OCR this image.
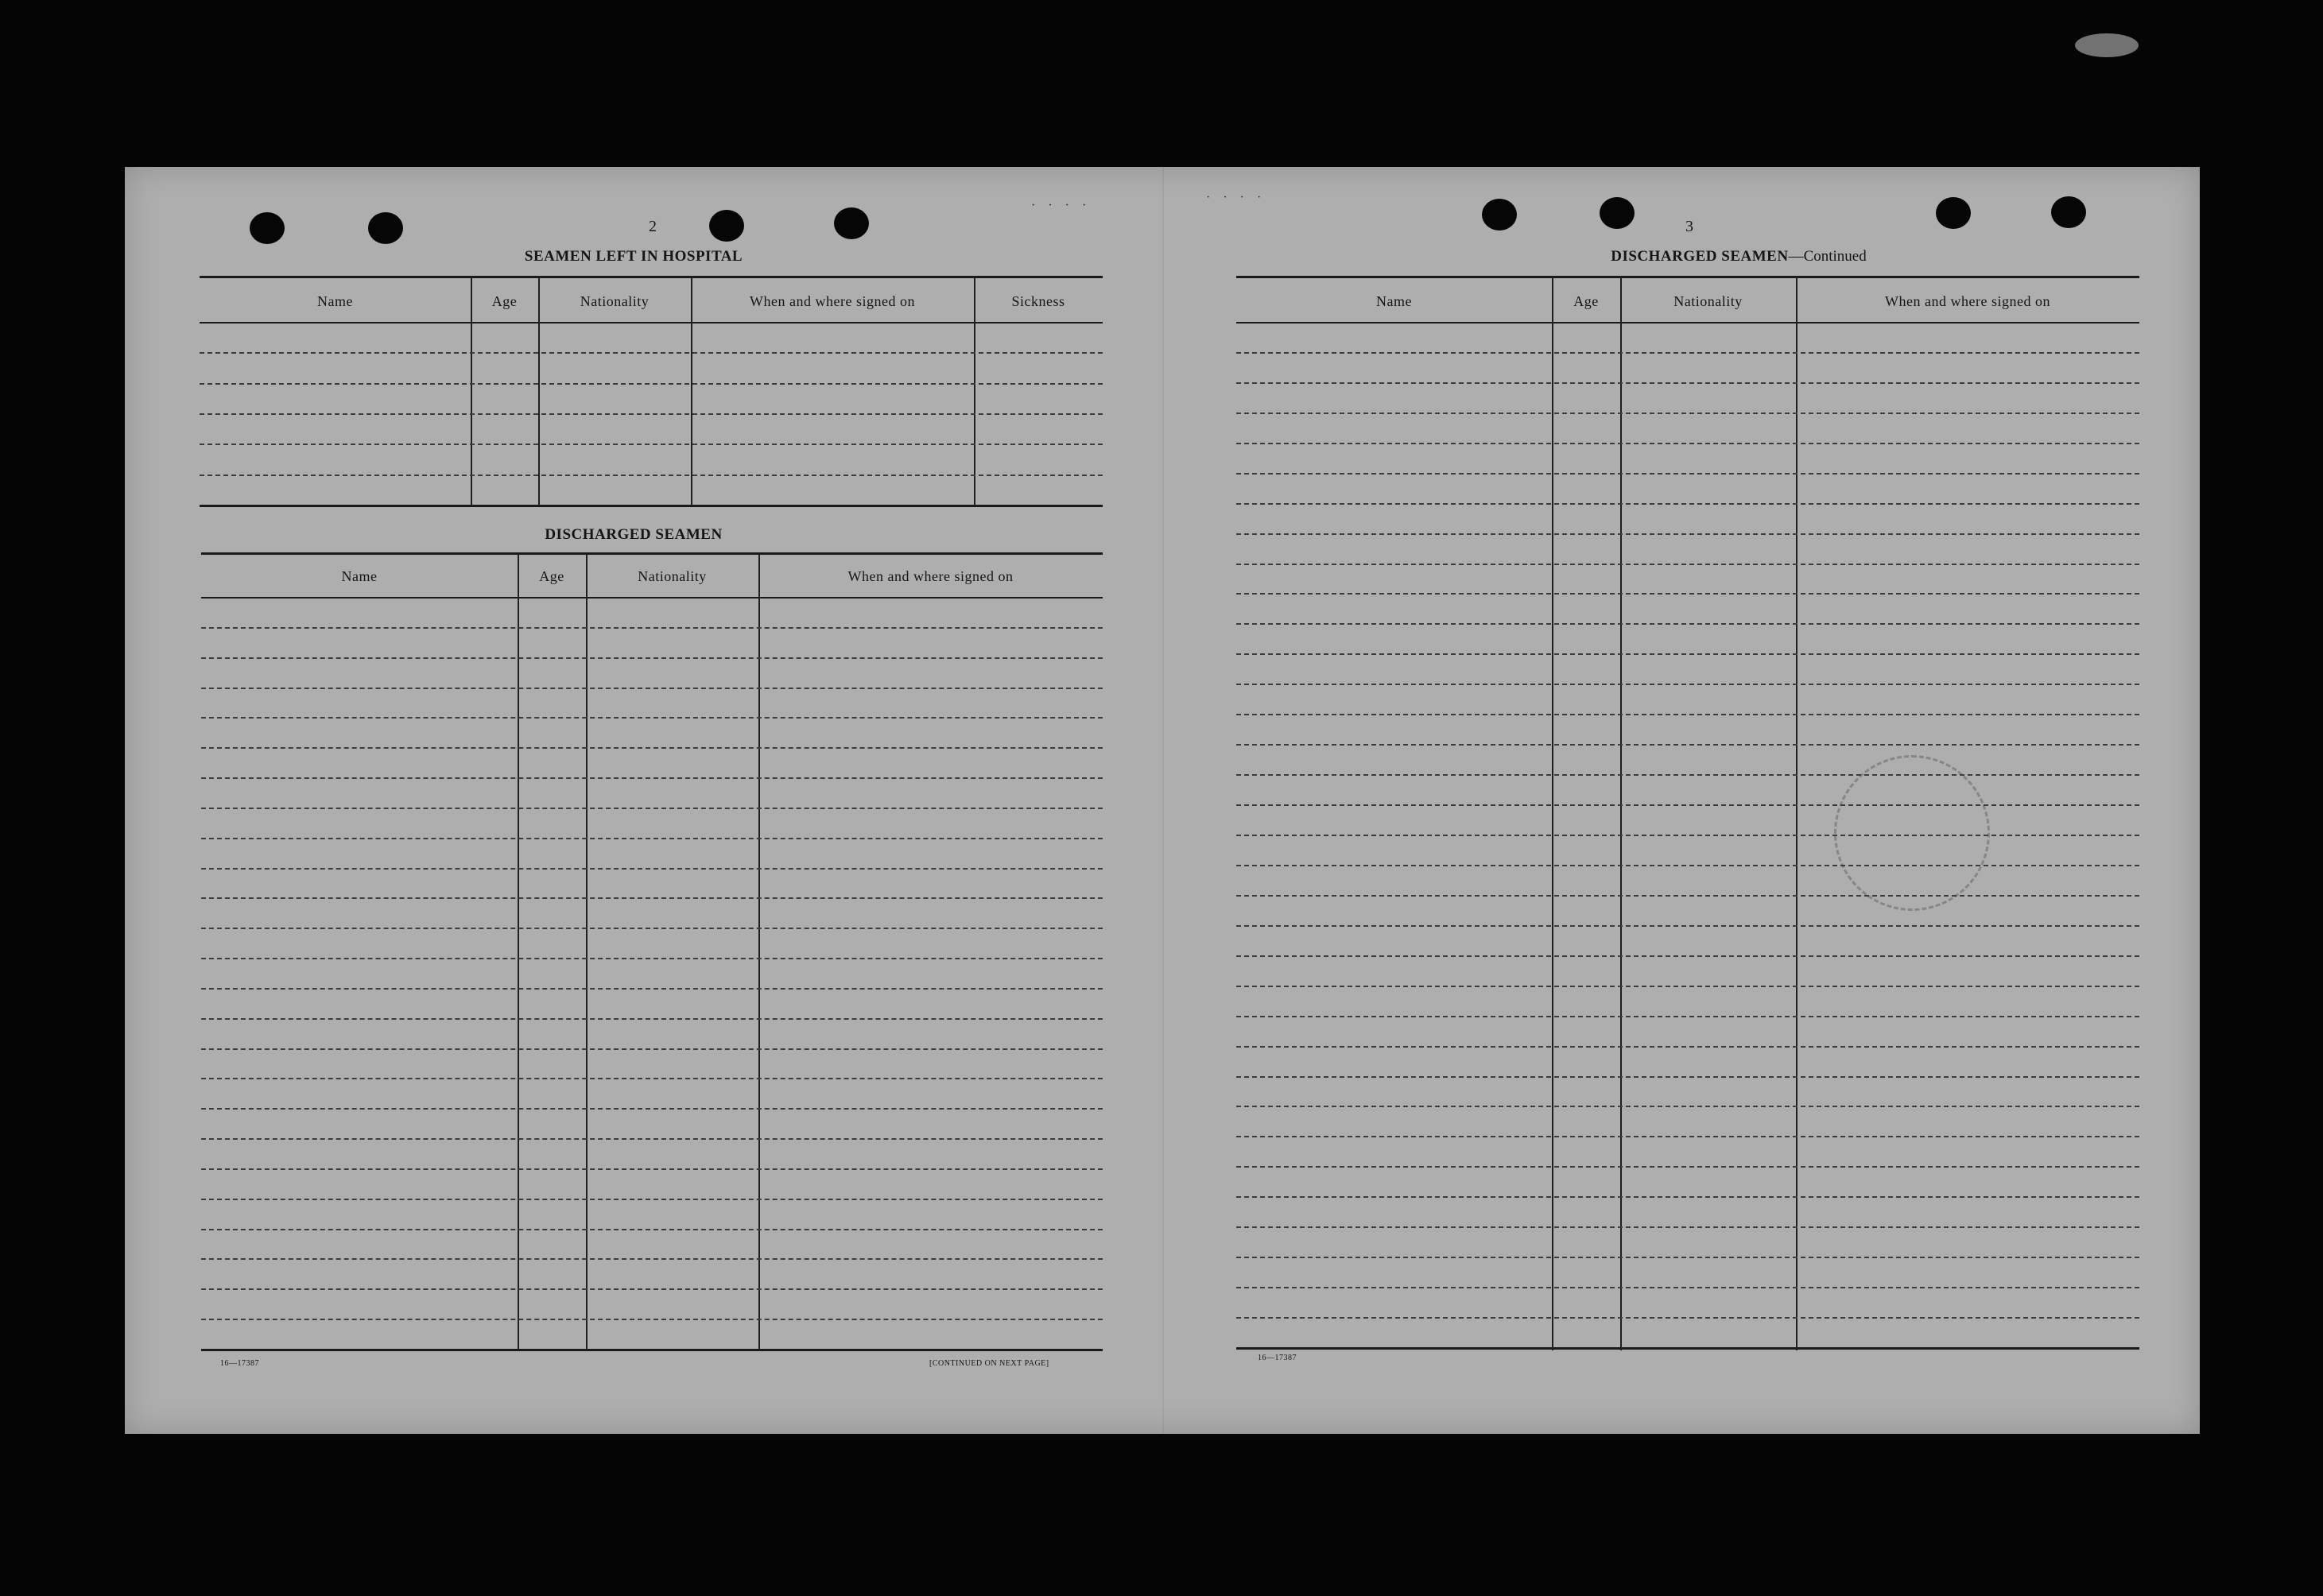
· · · ·
· · · ·
2
SEAMEN LEFT IN HOSPITAL
Name	Age	Nationality	When and where signed on	Sickness
DISCHARGED SEAMEN
Name	Age	Nationality	When and where signed on
16—17387	[CONTINUED ON NEXT PAGE]
3
DISCHARGED SEAMEN—Continued
Name	Age	Nationality	When and where signed on
16—17387
